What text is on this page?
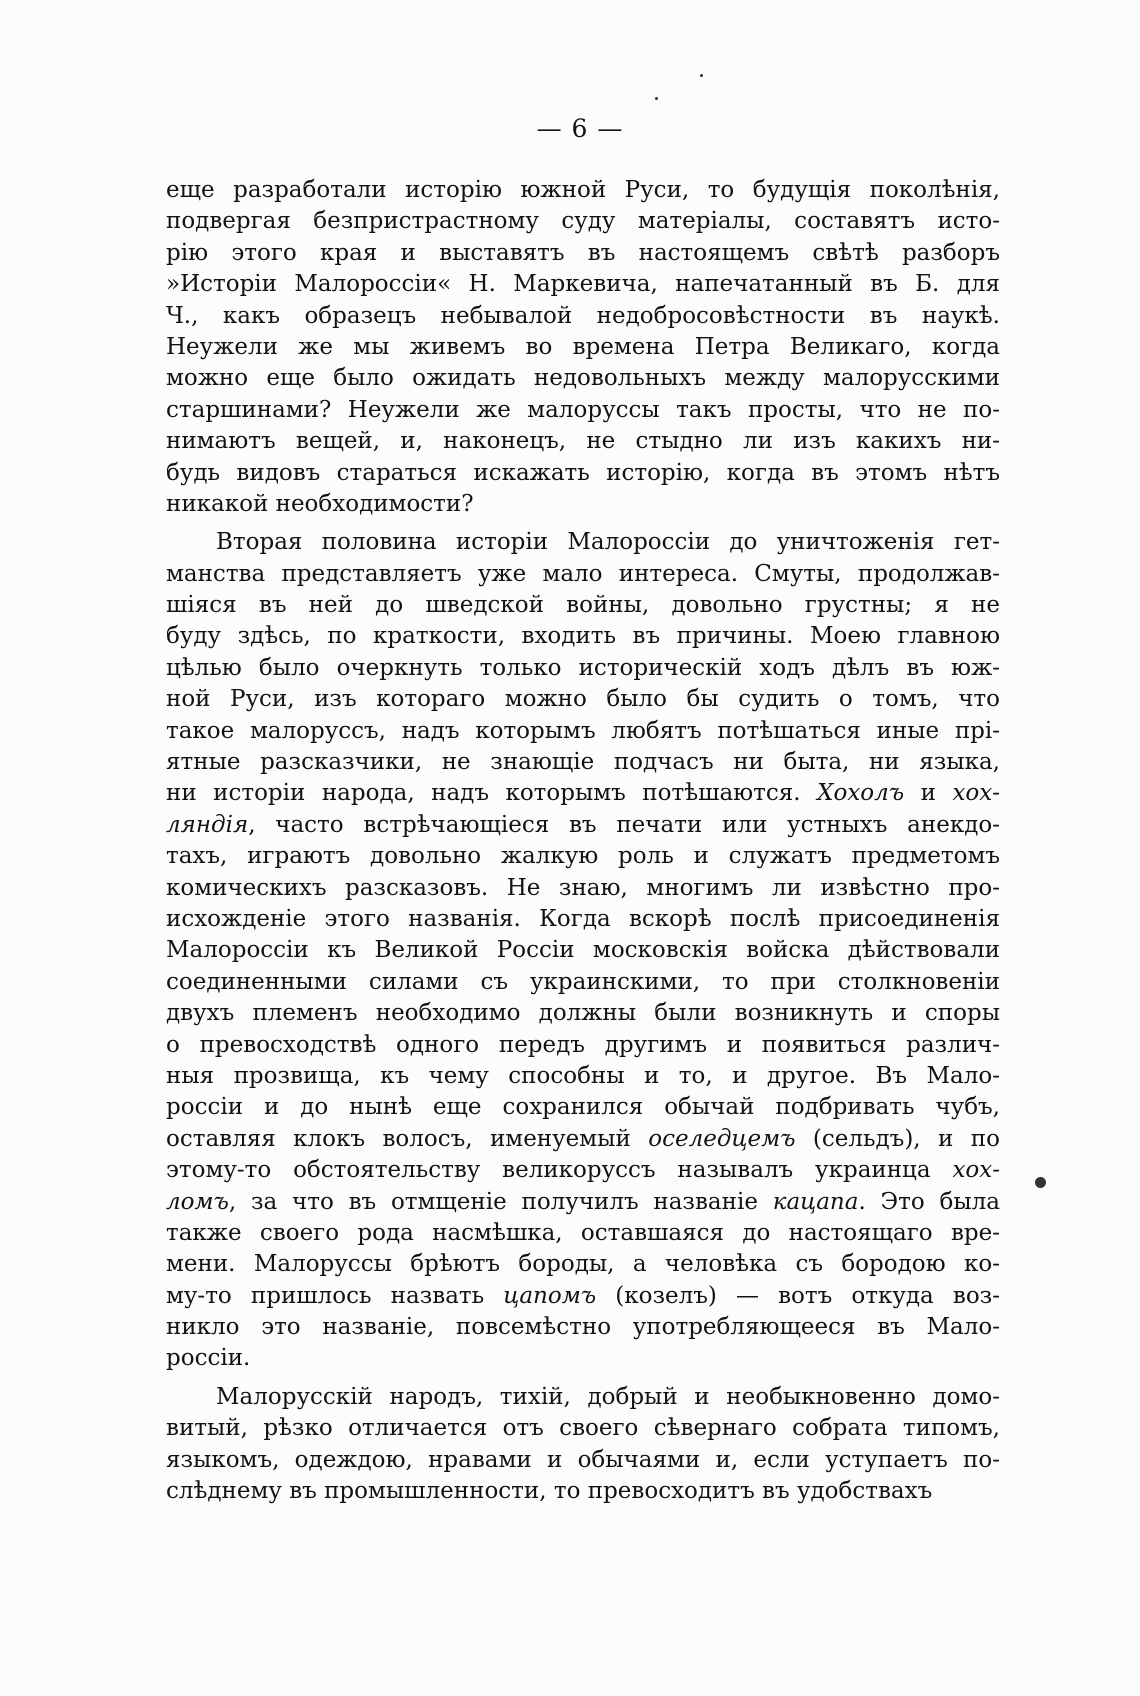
— 6 —
еще разработали исторію южной Руси, то будущія поколѣнія,
подвергая безпристрастному суду матеріалы, составятъ исто-
рію этого края и выставятъ въ настоящемъ свѣтѣ разборъ
»Исторіи Малороссіи« Н. Маркевича, напечатанный въ Б. для
Ч., какъ образецъ небывалой недобросовѣстности въ наукѣ.
Неужели же мы живемъ во времена Петра Великаго, когда
можно еще было ожидать недовольныхъ между малорусскими
старшинами? Неужели же малоруссы такъ просты, что не по-
нимаютъ вещей, и, наконецъ, не стыдно ли изъ какихъ ни-
будь видовъ стараться искажать исторію, когда въ этомъ нѣтъ
никакой необходимости?
Вторая половина исторіи Малороссіи до уничтоженія гет-
манства представляетъ уже мало интереса. Смуты, продолжав-
шіяся въ ней до шведской войны, довольно грустны; я не
буду здѣсь, по краткости, входить въ причины. Моею главною
цѣлью было очеркнуть только историческій ходъ дѣлъ въ юж-
ной Руси, изъ котораго можно было бы судить о томъ, что
такое малоруссъ, надъ которымъ любятъ потѣшаться иные прі-
ятные разсказчики, не знающіе подчасъ ни быта, ни языка,
ни исторіи народа, надъ которымъ потѣшаются. Хохолъ и хох-
ляндія, часто встрѣчающіеся въ печати или устныхъ анекдо-
тахъ, играютъ довольно жалкую роль и служатъ предметомъ
комическихъ разсказовъ. Не знаю, многимъ ли извѣстно про-
исхожденіе этого названія. Когда вскорѣ послѣ присоединенія
Малороссіи къ Великой Россіи московскія войска дѣйствовали
соединенными силами съ украинскими, то при столкновеніи
двухъ племенъ необходимо должны были возникнуть и споры
о превосходствѣ одного передъ другимъ и появиться различ-
ныя прозвища, къ чему способны и то, и другое. Въ Мало-
россіи и до нынѣ еще сохранился обычай подбривать чубъ,
оставляя клокъ волосъ, именуемый оселедцемъ (сельдъ), и по
этому-то обстоятельству великоруссъ называлъ украинца хох-
ломъ, за что въ отмщеніе получилъ названіе кацапа. Это была
также своего рода насмѣшка, оставшаяся до настоящаго вре-
мени. Малоруссы брѣютъ бороды, а человѣка съ бородою ко-
му-то пришлось назвать цапомъ (козелъ) — вотъ откуда воз-
никло это названіе, повсемѣстно употребляющееся въ Мало-
россіи.
Малорусскій народъ, тихій, добрый и необыкновенно домо-
витый, рѣзко отличается отъ своего сѣвернаго собрата типомъ,
языкомъ, одеждою, нравами и обычаями и, если уступаетъ по-
слѣднему въ промышленности, то превосходитъ въ удобствахъ
